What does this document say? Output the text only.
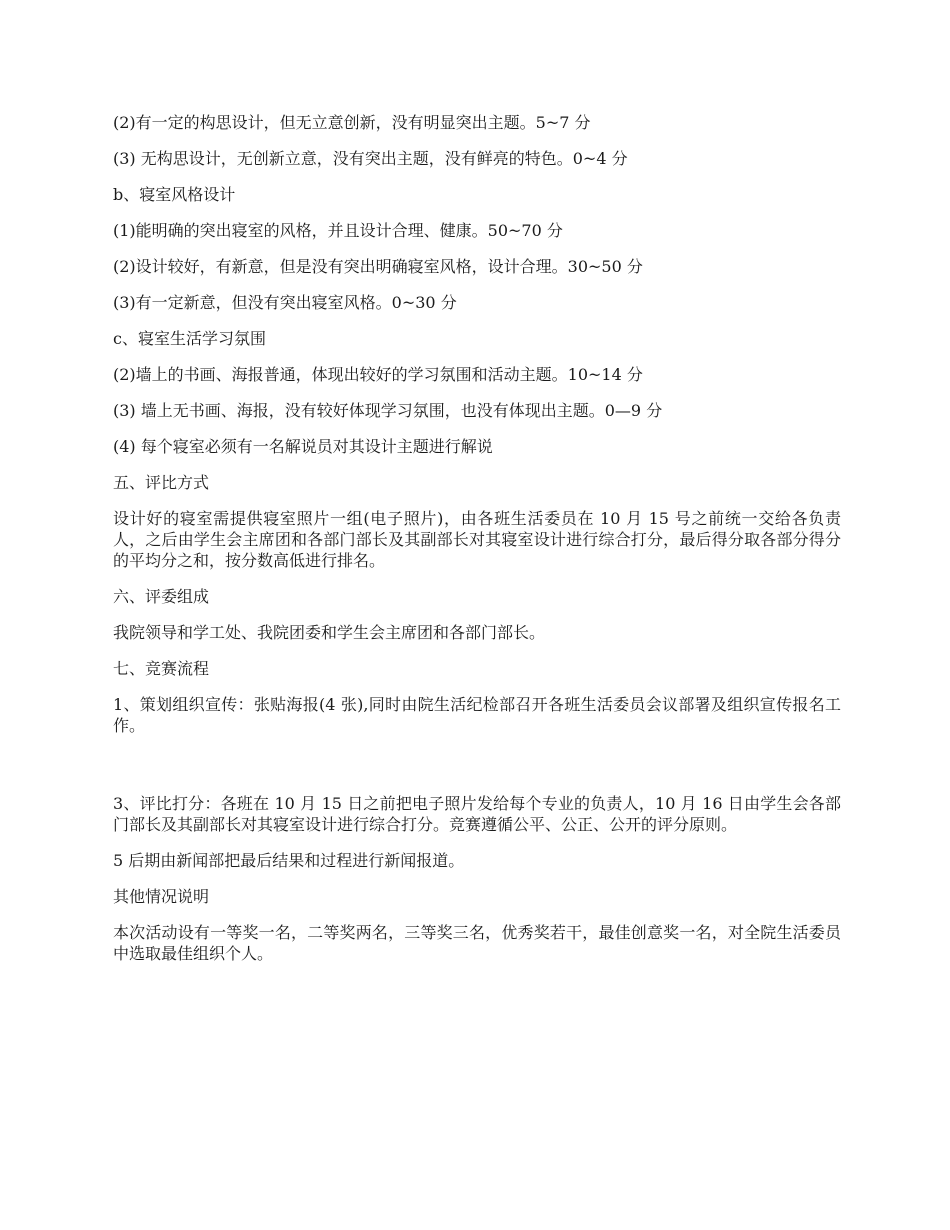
(2)有一定的构思设计，但无立意创新，没有明显突出主题。5~7 分

(3) 无构思设计，无创新立意，没有突出主题，没有鲜亮的特色。0~4 分

b、寝室风格设计

(1)能明确的突出寝室的风格，并且设计合理、健康。50~70 分

(2)设计较好，有新意，但是没有突出明确寝室风格，设计合理。30~50 分

(3)有一定新意，但没有突出寝室风格。0~30 分

c、寝室生活学习氛围

(2)墙上的书画、海报普通，体现出较好的学习氛围和活动主题。10~14 分

(3) 墙上无书画、海报，没有较好体现学习氛围，也没有体现出主题。0—9 分

(4) 每个寝室必须有一名解说员对其设计主题进行解说

五、评比方式

设计好的寝室需提供寝室照片一组(电子照片)，由各班生活委员在 10 月 15 号之前统一交给各负责人，之后由学生会主席团和各部门部长及其副部长对其寝室设计进行综合打分，最后得分取各部分得分的平均分之和，按分数高低进行排名。

六、评委组成

我院领导和学工处、我院团委和学生会主席团和各部门部长。

七、竞赛流程

1、策划组织宣传：张贴海报(4 张),同时由院生活纪检部召开各班生活委员会议部署及组织宣传报名工作。

3、评比打分：各班在 10 月 15 日之前把电子照片发给每个专业的负责人，10 月 16 日由学生会各部门部长及其副部长对其寝室设计进行综合打分。竞赛遵循公平、公正、公开的评分原则。

5 后期由新闻部把最后结果和过程进行新闻报道。

其他情况说明

本次活动设有一等奖一名，二等奖两名，三等奖三名，优秀奖若干，最佳创意奖一名，对全院生活委员中选取最佳组织个人。
